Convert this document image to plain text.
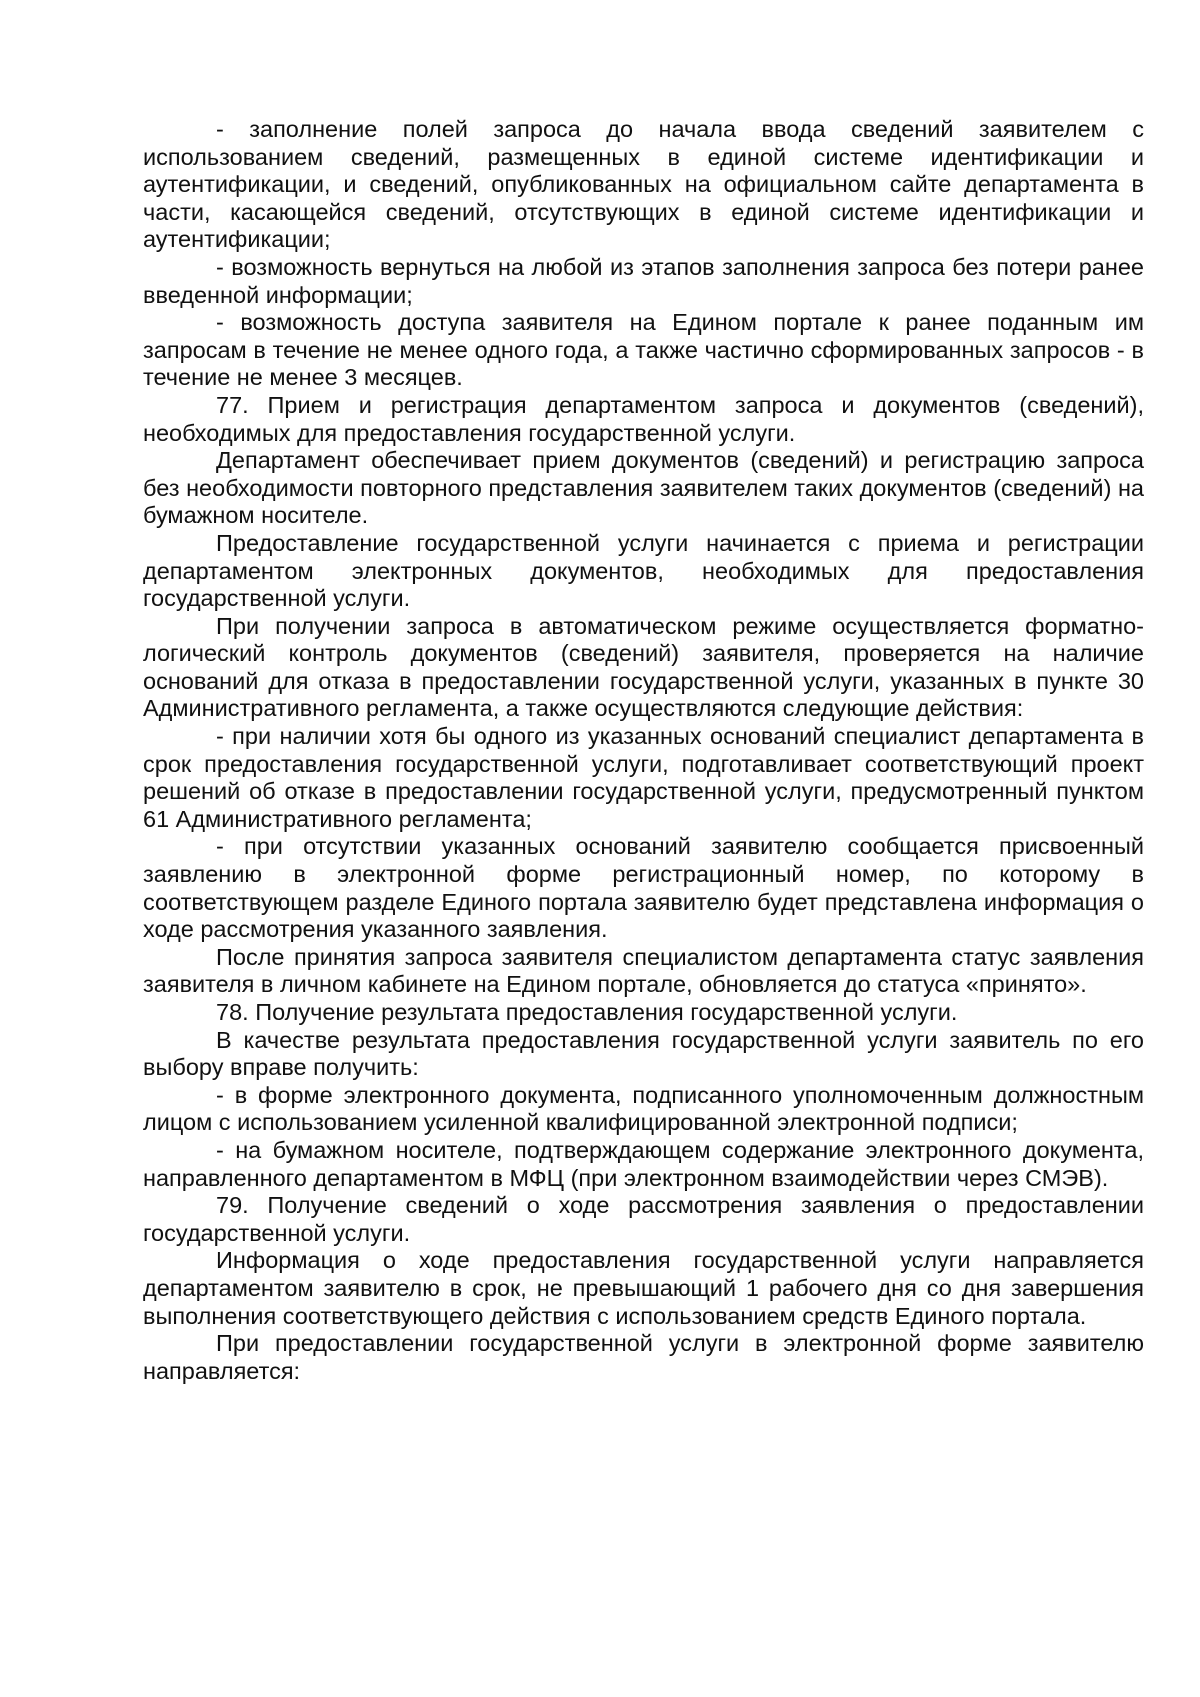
- заполнение полей запроса до начала ввода сведений заявителем с использованием сведений, размещенных в единой системе идентификации и аутентификации, и сведений, опубликованных на официальном сайте департамента в части, касающейся сведений, отсутствующих в единой системе идентификации и аутентификации;

- возможность вернуться на любой из этапов заполнения запроса без потери ранее введенной информации;

- возможность доступа заявителя на Едином портале к ранее поданным им запросам в течение не менее одного года, а также частично сформированных запросов - в течение не менее 3 месяцев.

77. Прием и регистрация департаментом запроса и документов (сведений), необходимых для предоставления государственной услуги.

Департамент обеспечивает прием документов (сведений) и регистрацию запроса без необходимости повторного представления заявителем таких документов (сведений) на бумажном носителе.

Предоставление государственной услуги начинается с приема и регистрации департаментом электронных документов, необходимых для предоставления государственной услуги.

При получении запроса в автоматическом режиме осуществляется форматно-логический контроль документов (сведений) заявителя, проверяется на наличие оснований для отказа в предоставлении государственной услуги, указанных в пункте 30 Административного регламента, а также осуществляются следующие действия:

- при наличии хотя бы одного из указанных оснований специалист департамента в срок предоставления государственной услуги, подготавливает соответствующий проект решений об отказе в предоставлении государственной услуги, предусмотренный пунктом 61 Административного регламента;

- при отсутствии указанных оснований заявителю сообщается присвоенный заявлению в электронной форме регистрационный номер, по которому в соответствующем разделе Единого портала заявителю будет представлена информация о ходе рассмотрения указанного заявления.

После принятия запроса заявителя специалистом департамента статус заявления заявителя в личном кабинете на Едином портале, обновляется до статуса «принято».

78. Получение результата предоставления государственной услуги.

В качестве результата предоставления государственной услуги заявитель по его выбору вправе получить:

- в форме электронного документа, подписанного уполномоченным должностным лицом с использованием усиленной квалифицированной электронной подписи;

- на бумажном носителе, подтверждающем содержание электронного документа, направленного департаментом в МФЦ (при электронном взаимодействии через СМЭВ).

79. Получение сведений о ходе рассмотрения заявления о предоставлении государственной услуги.

Информация о ходе предоставления государственной услуги направляется департаментом заявителю в срок, не превышающий 1 рабочего дня со дня завершения выполнения соответствующего действия с использованием средств Единого портала.

При предоставлении государственной услуги в электронной форме заявителю направляется:
